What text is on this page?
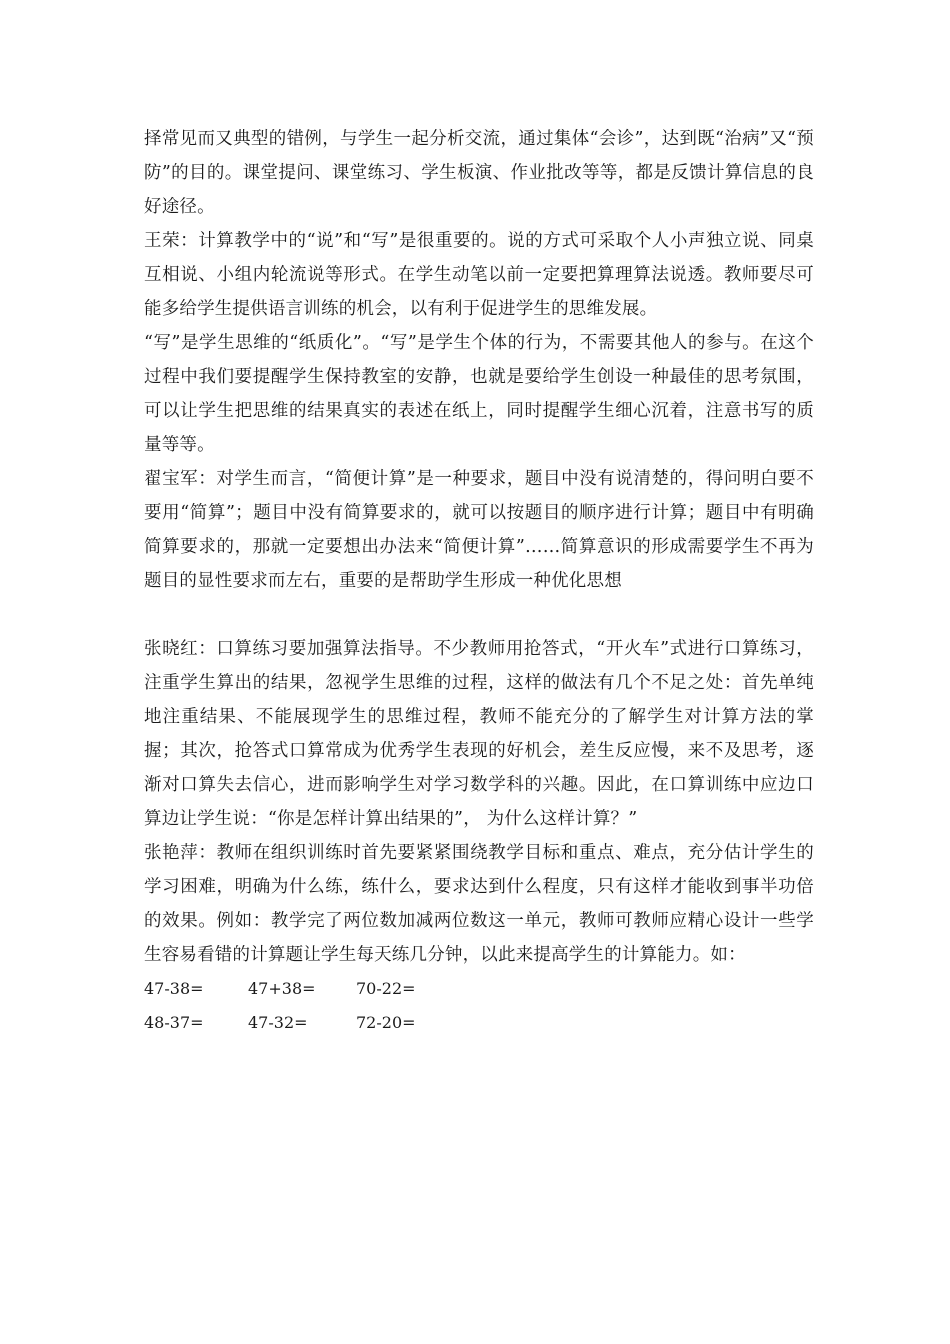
择常见而又典型的错例，与学生一起分析交流，通过集体“会诊”，达到既“治病”又“预防”的目的。课堂提问、课堂练习、学生板演、作业批改等等，都是反馈计算信息的良好途径。

王荣：计算教学中的“说”和“写”是很重要的。说的方式可采取个人小声独立说、同桌互相说、小组内轮流说等形式。在学生动笔以前一定要把算理算法说透。教师要尽可能多给学生提供语言训练的机会，以有利于促进学生的思维发展。

“写”是学生思维的“纸质化”。“写”是学生个体的行为，不需要其他人的参与。在这个过程中我们要提醒学生保持教室的安静，也就是要给学生创设一种最佳的思考氛围，可以让学生把思维的结果真实的表述在纸上，同时提醒学生细心沉着，注意书写的质量等等。

翟宝军：对学生而言，“简便计算”是一种要求，题目中没有说清楚的，得问明白要不要用“简算”；题目中没有简算要求的，就可以按题目的顺序进行计算；题目中有明确简算要求的，那就一定要想出办法来“简便计算”……简算意识的形成需要学生不再为题目的显性要求而左右，重要的是帮助学生形成一种优化思想

张晓红：口算练习要加强算法指导。不少教师用抢答式，“开火车”式进行口算练习，注重学生算出的结果，忽视学生思维的过程，这样的做法有几个不足之处：首先单纯地注重结果、不能展现学生的思维过程，教师不能充分的了解学生对计算方法的掌握；其次，抢答式口算常成为优秀学生表现的好机会，差生反应慢，来不及思考，逐渐对口算失去信心，进而影响学生对学习数学科的兴趣。因此，在口算训练中应边口算边让学生说：“你是怎样计算出结果的”， 为什么这样计算？”

张艳萍：教师在组织训练时首先要紧紧围绕教学目标和重点、难点，充分估计学生的学习困难，明确为什么练，练什么，要求达到什么程度，只有这样才能收到事半功倍的效果。例如：教学完了两位数加减两位数这一单元，教师可教师应精心设计一些学生容易看错的计算题让学生每天练几分钟，以此来提高学生的计算能力。如：

47-38=	47+38=	70-22=
48-37=	47-32=	72-20=
